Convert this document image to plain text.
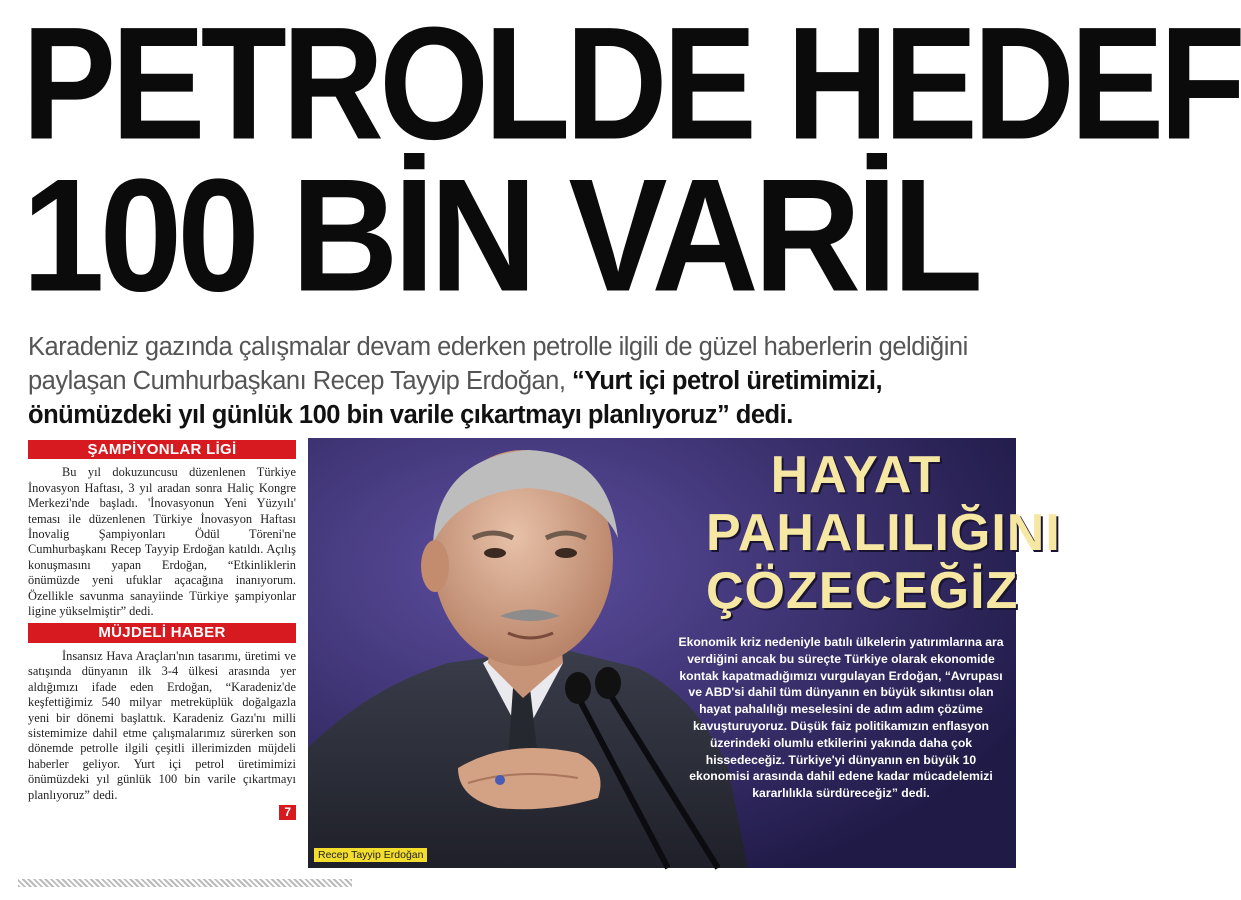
PETROLDE HEDEF
100 BİN VARİL
Karadeniz gazında çalışmalar devam ederken petrolle ilgili de güzel haberlerin geldiğini paylaşan Cumhurbaşkanı Recep Tayyip Erdoğan, “Yurt içi petrol üretimimizi, önümüzdeki yıl günlük 100 bin varile çıkartmayı planlıyoruz” dedi.
ŞAMPİYONLAR LİGİ

Bu yıl dokuzuncusu düzenlenen Türkiye İnovasyon Haftası, 3 yıl aradan sonra Haliç Kongre Merkezi'nde başladı. 'İnovasyonun Yeni Yüzyılı' teması ile düzenlenen Türkiye İnovasyon Haftası İnovalig Şampiyonları Ödül Töreni'ne Cumhurbaşkanı Recep Tayyip Erdoğan katıldı. Açılış konuşmasını yapan Erdoğan, “Etkinliklerin önümüzde yeni ufuklar açacağına inanıyorum. Özellikle savunma sanayiinde Türkiye şampiyonlar ligine yükselmiştir” dedi.

MÜJDELİ HABER

İnsansız Hava Araçları'nın tasarımı, üretimi ve satışında dünyanın ilk 3-4 ülkesi arasında yer aldığımızı ifade eden Erdoğan, “Karadeniz'de keşfettiğimiz 540 milyar metreküplük doğalgazla yeni bir dönemi başlattık. Karadeniz Gazı'nı milli sistemimize dahil etme çalışmalarımız sürerken son dönemde petrolle ilgili çeşitli illerimizden müjdeli haberler geliyor. Yurt içi petrol üretimimizi önümüzdeki yıl günlük 100 bin varile çıkartmayı planlıyoruz” dedi.

7
HAYAT
PAHALILIĞINI
ÇÖZECEĞİZ
Ekonomik kriz nedeniyle batılı ülkelerin yatırımlarına ara verdiğini ancak bu süreçte Türkiye olarak ekonomide kontak kapatmadığımızı vurgulayan Erdoğan, “Avrupası ve ABD'si dahil tüm dünyanın en büyük sıkıntısı olan hayat pahalılığı meselesini de adım adım çözüme kavuşturuyoruz. Düşük faiz politikamızın enflasyon üzerindeki olumlu etkilerini yakında daha çok hissedeceğiz. Türkiye'yi dünyanın en büyük 10 ekonomisi arasında dahil edene kadar mücadelemizi kararlılıkla sürdüreceğiz” dedi.
Recep Tayyip Erdoğan
